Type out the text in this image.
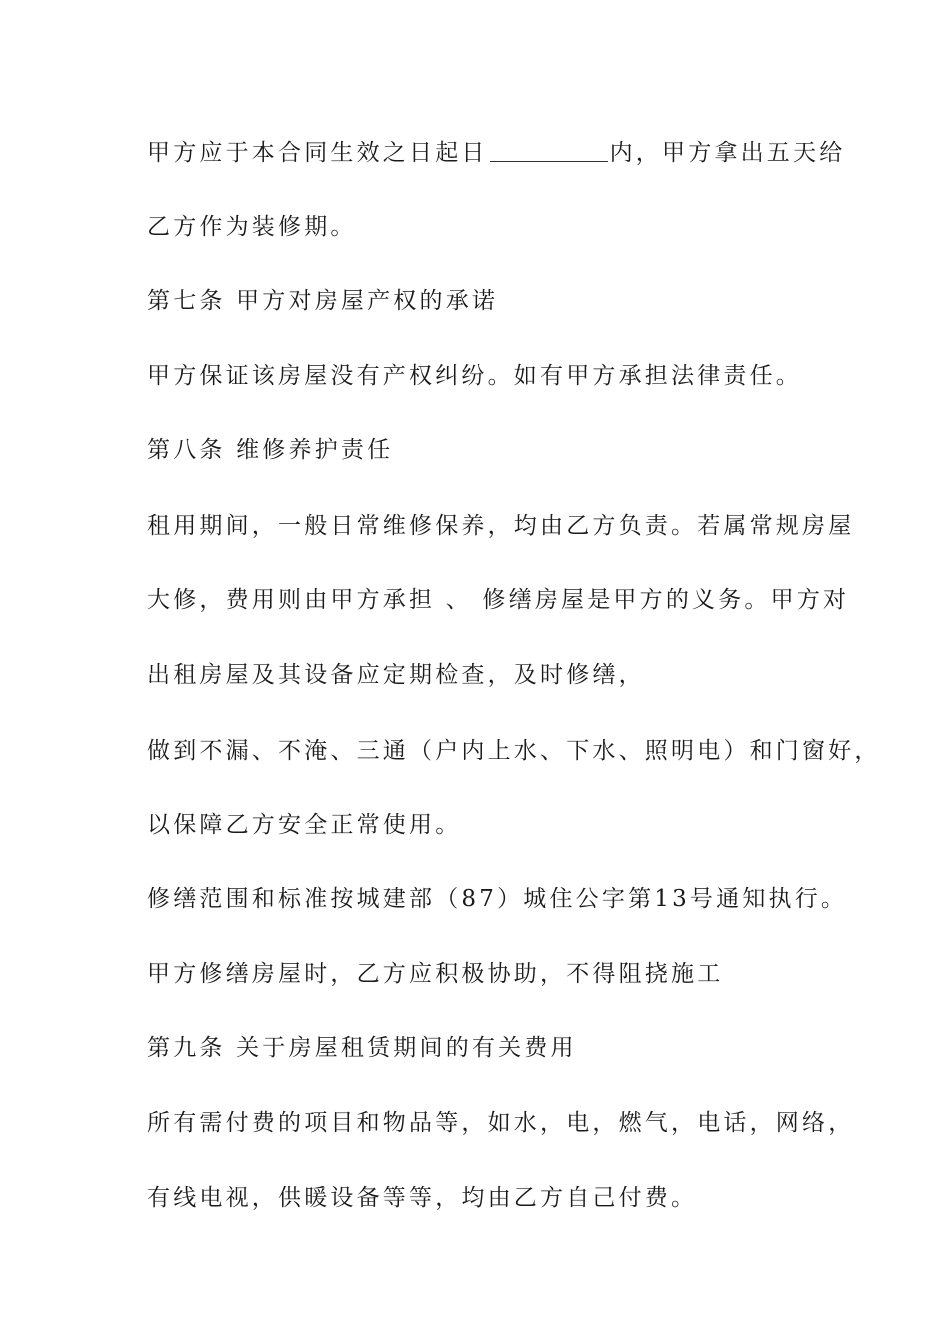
甲方应于本合同生效之日起日	内，甲方拿出五天给
乙方作为装修期。
第七条 甲方对房屋产权的承诺
甲方保证该房屋没有产权纠纷。如有甲方承担法律责任。
第八条 维修养护责任
租用期间，一般日常维修保养，均由乙方负责。若属常规房屋
大修，费用则由甲方承担 、 修缮房屋是甲方的义务。甲方对
出租房屋及其设备应定期检查，及时修缮，
做到不漏、不淹、三通（户内上水、下水、照明电）和门窗好，
以保障乙方安全正常使用。
修缮范围和标准按城建部（87）城住公字第13号通知执行。
甲方修缮房屋时，乙方应积极协助，不得阻挠施工
第九条 关于房屋租赁期间的有关费用
所有需付费的项目和物品等，如水，电，燃气，电话，网络，
有线电视，供暖设备等等，均由乙方自己付费。
